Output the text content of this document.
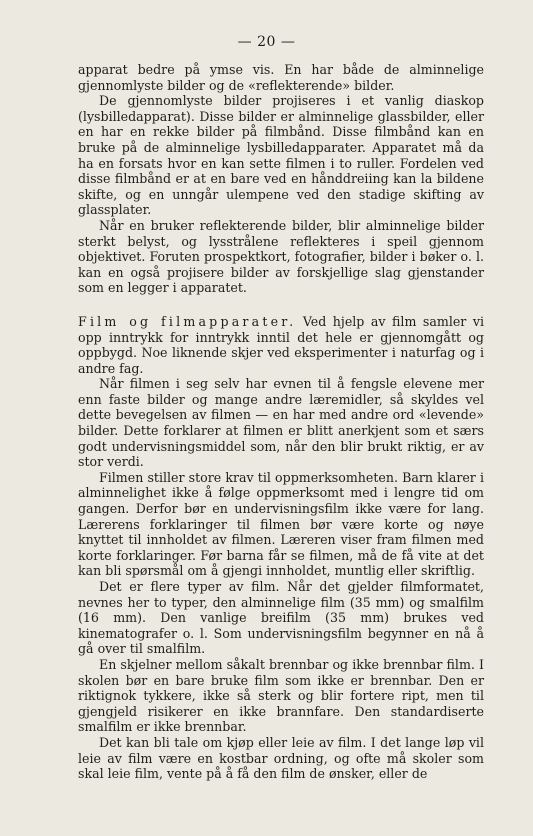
— 20 —

apparat bedre på ymse vis. En har både de alminnelige gjennomlyste bilder og de «reflekterende» bilder.

De gjennomlyste bilder projiseres i et vanlig diaskop (lysbilledapparat). Disse bilder er alminnelige glassbilder, eller en har en rekke bilder på filmbånd. Disse filmbånd kan en bruke på de alminnelige lysbilledapparater. Apparatet må da ha en forsats hvor en kan sette filmen i to ruller. Fordelen ved disse filmbånd er at en bare ved en hånddreiing kan la bildene skifte, og en unngår ulempene ved den stadige skifting av glassplater.

Når en bruker reflekterende bilder, blir alminnelige bilder sterkt belyst, og lysstrålene reflekteres i speil gjennom objektivet. Foruten prospektkort, fotografier, bilder i bøker o. l. kan en også projisere bilder av forskjellige slag gjenstander som en legger i apparatet.

Film og filmapparater. Ved hjelp av film samler vi opp inntrykk for inntrykk inntil det hele er gjennomgått og oppbygd. Noe liknende skjer ved eksperimenter i naturfag og i andre fag.

Når filmen i seg selv har evnen til å fengsle elevene mer enn faste bilder og mange andre læremidler, så skyldes vel dette bevegelsen av filmen — en har med andre ord «levende» bilder. Dette forklarer at filmen er blitt anerkjent som et særs godt undervisningsmiddel som, når den blir brukt riktig, er av stor verdi.

Filmen stiller store krav til oppmerksomheten. Barn klarer i alminnelighet ikke å følge oppmerksomt med i lengre tid om gangen. Derfor bør en undervisningsfilm ikke være for lang. Lærerens forklaringer til filmen bør være korte og nøye knyttet til innholdet av filmen. Læreren viser fram filmen med korte forklaringer. Før barna får se filmen, må de få vite at det kan bli spørsmål om å gjengi innholdet, muntlig eller skriftlig.

Det er flere typer av film. Når det gjelder filmformatet, nevnes her to typer, den alminnelige film (35 mm) og smalfilm (16 mm). Den vanlige breifilm (35 mm) brukes ved kinematografer o. l. Som undervisningsfilm begynner en nå å gå over til smalfilm.

En skjelner mellom såkalt brennbar og ikke brennbar film. I skolen bør en bare bruke film som ikke er brennbar. Den er riktignok tykkere, ikke så sterk og blir fortere ript, men til gjengjeld risikerer en ikke brannfare. Den standardiserte smalfilm er ikke brennbar.

Det kan bli tale om kjøp eller leie av film. I det lange løp vil leie av film være en kostbar ordning, og ofte må skoler som skal leie film, vente på å få den film de ønsker, eller de
